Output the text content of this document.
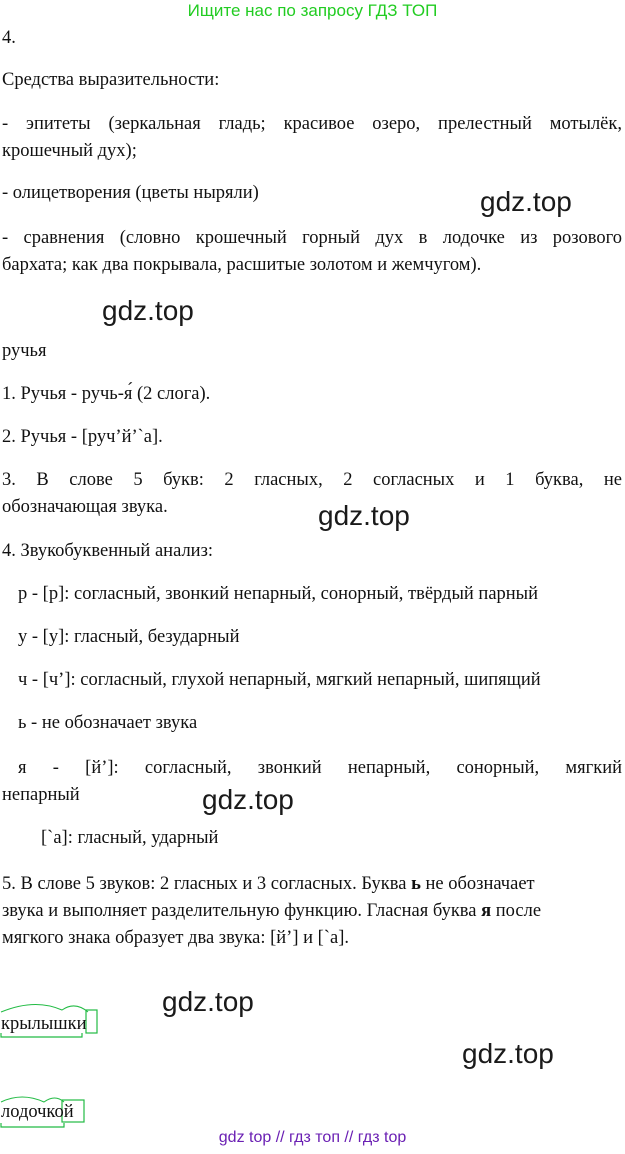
Ищите нас по запросу ГДЗ ТОП
4.
Средства выразительности:
- эпитеты (зеркальная гладь; красивое озеро, прелестный мотылёк,
крошечный дух);
- олицетворения (цветы ныряли)
- сравнения (словно крошечный горный дух в лодочке из розового
бархата; как два покрывала, расшитые золотом и жемчугом).
gdz.top
gdz.top
ручья
1. Ручья - ручь-я́ (2 слога).
2. Ручья - [руч’й’`а].
3. В слове 5 букв: 2 гласных, 2 согласных и 1 буква, не
обозначающая звука.	gdz.top
4. Звукобуквенный анализ:
р - [р]: согласный, звонкий непарный, сонорный, твёрдый парный
у - [у]: гласный, безударный
ч - [ч’]: согласный, глухой непарный, мягкий непарный, шипящий
ь - не обозначает звука
я - [й’]: согласный, звонкий непарный, сонорный, мягкий
непарный	gdz.top
[`а]: гласный, ударный
5. В слове 5 звуков: 2 гласных и 3 согласных. Буква ь не обозначает
звука и выполняет разделительную функцию. Гласная буква я после
мягкого знака образует два звука: [й’] и [`а].
gdz.top
gdz.top
крылышки
лодочкой
gdz top // гдз топ // гдз top
